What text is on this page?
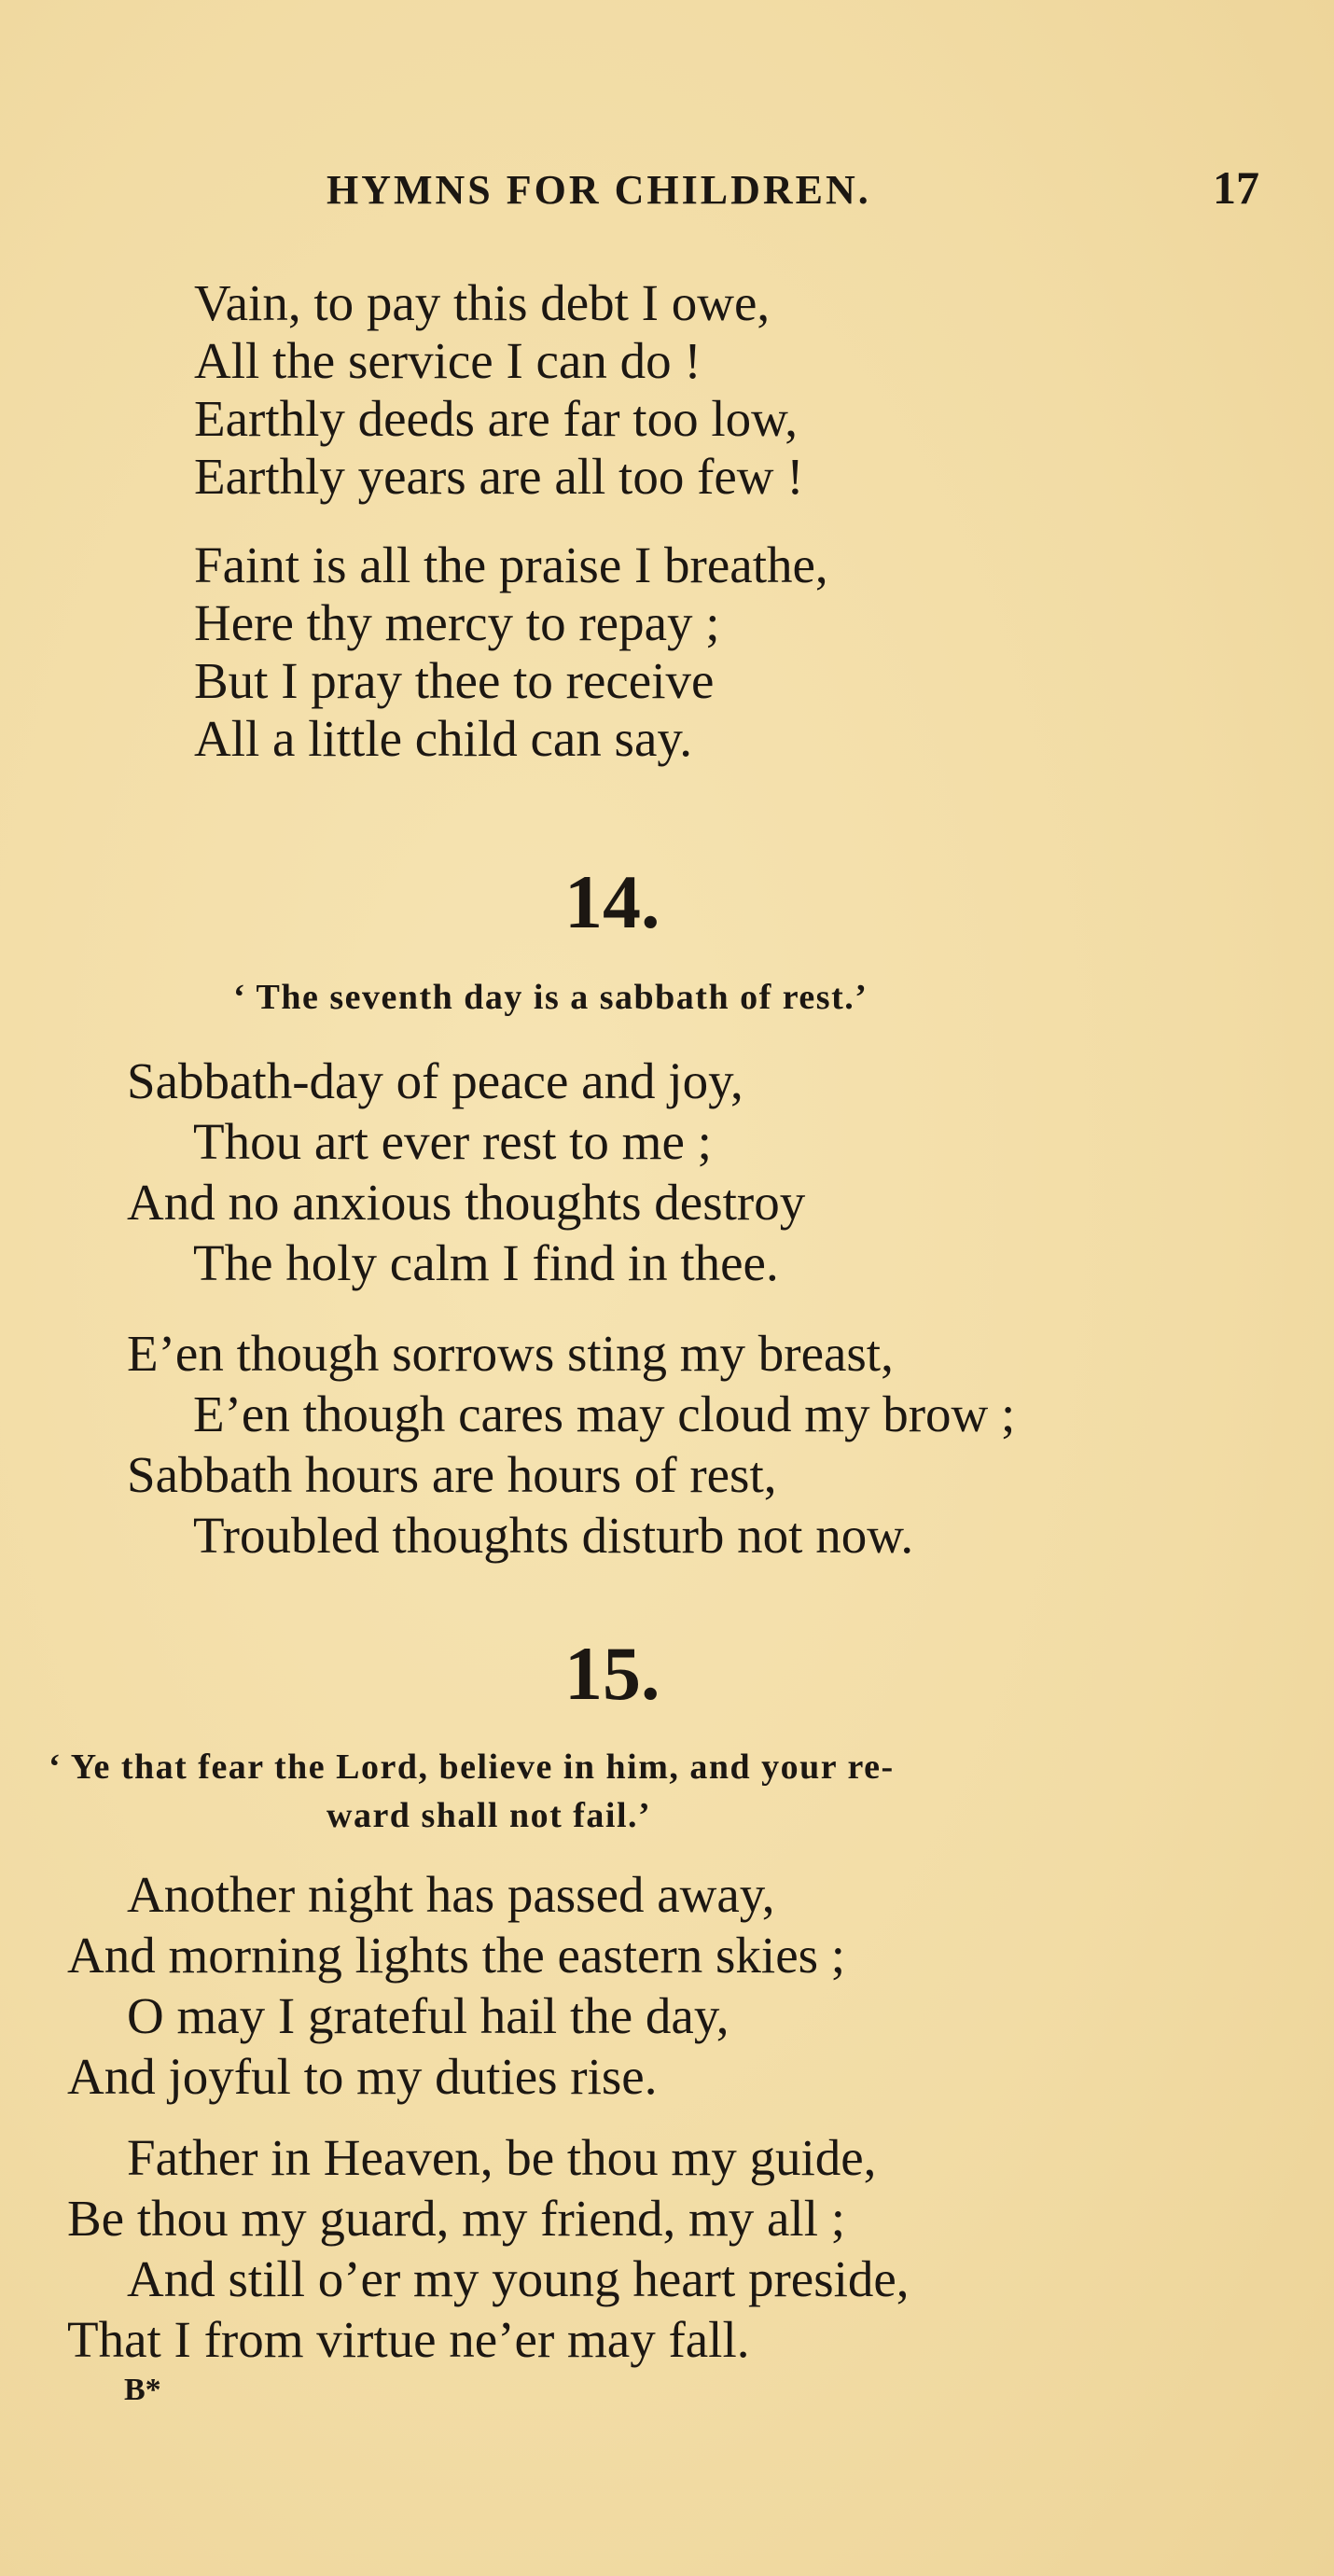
HYMNS FOR CHILDREN.	17
Vain, to pay this debt I owe,
All the service I can do !
Earthly deeds are far too low,
Earthly years are all too few !
Faint is all the praise I breathe,
Here thy mercy to repay ;
But I pray thee to receive
All a little child can say.
14.
‘ The seventh day is a sabbath of rest.’
Sabbath-day of peace and joy,
Thou art ever rest to me ;
And no anxious thoughts destroy
The holy calm I find in thee.
E’en though sorrows sting my breast,
E’en though cares may cloud my brow ;
Sabbath hours are hours of rest,
Troubled thoughts disturb not now.
15.
‘ Ye that fear the Lord, believe in him, and your re-
ward shall not fail.’
Another night has passed away,
And morning lights the eastern skies ;
O may I grateful hail the day,
And joyful to my duties rise.
Father in Heaven, be thou my guide,
Be thou my guard, my friend, my all ;
And still o’er my young heart preside,
That I from virtue ne’er may fall.
B*
